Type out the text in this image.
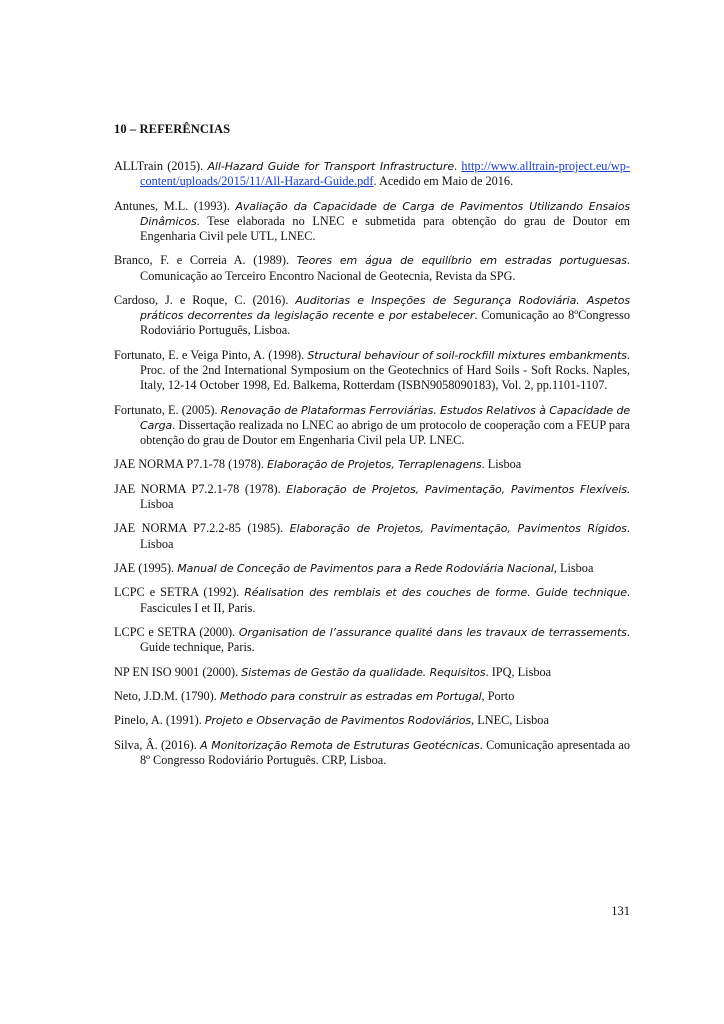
10 – REFERÊNCIAS
ALLTrain (2015). All-Hazard Guide for Transport Infrastructure. http://www.alltrain-project.eu/wp-content/uploads/2015/11/All-Hazard-Guide.pdf. Acedido em Maio de 2016.
Antunes, M.L. (1993). Avaliação da Capacidade de Carga de Pavimentos Utilizando Ensaios Dinâmicos. Tese elaborada no LNEC e submetida para obtenção do grau de Doutor em Engenharia Civil pele UTL, LNEC.
Branco, F. e Correia A. (1989). Teores em água de equilíbrio em estradas portuguesas. Comunicação ao Terceiro Encontro Nacional de Geotecnia, Revista da SPG.
Cardoso, J. e Roque, C. (2016). Auditorias e Inspeções de Segurança Rodoviária. Aspetos práticos decorrentes da legislação recente e por estabelecer. Comunicação ao 8ºCongresso Rodoviário Português, Lisboa.
Fortunato, E. e Veiga Pinto, A. (1998). Structural behaviour of soil-rockfill mixtures embankments. Proc. of the 2nd International Symposium on the Geotechnics of Hard Soils - Soft Rocks. Naples, Italy, 12-14 October 1998, Ed. Balkema, Rotterdam (ISBN9058090183), Vol. 2, pp.1101-1107.
Fortunato, E. (2005). Renovação de Plataformas Ferroviárias. Estudos Relativos à Capacidade de Carga. Dissertação realizada no LNEC ao abrigo de um protocolo de cooperação com a FEUP para obtenção do grau de Doutor em Engenharia Civil pela UP. LNEC.
JAE NORMA P7.1-78 (1978). Elaboração de Projetos, Terraplenagens. Lisboa
JAE NORMA P7.2.1-78 (1978). Elaboração de Projetos, Pavimentação, Pavimentos Flexíveis. Lisboa
JAE NORMA P7.2.2-85 (1985). Elaboração de Projetos, Pavimentação, Pavimentos Rígidos. Lisboa
JAE (1995). Manual de Conceção de Pavimentos para a Rede Rodoviária Nacional, Lisboa
LCPC e SETRA (1992). Réalisation des remblais et des couches de forme. Guide technique. Fascicules I et II, Paris.
LCPC e SETRA (2000). Organisation de l’assurance qualité dans les travaux de terrassements. Guide technique, Paris.
NP EN ISO 9001 (2000). Sistemas de Gestão da qualidade. Requisitos. IPQ, Lisboa
Neto, J.D.M. (1790). Methodo para construir as estradas em Portugal, Porto
Pinelo, A. (1991). Projeto e Observação de Pavimentos Rodoviários, LNEC, Lisboa
Silva, Â. (2016). A Monitorização Remota de Estruturas Geotécnicas. Comunicação apresentada ao 8º Congresso Rodoviário Português. CRP, Lisboa.
131
